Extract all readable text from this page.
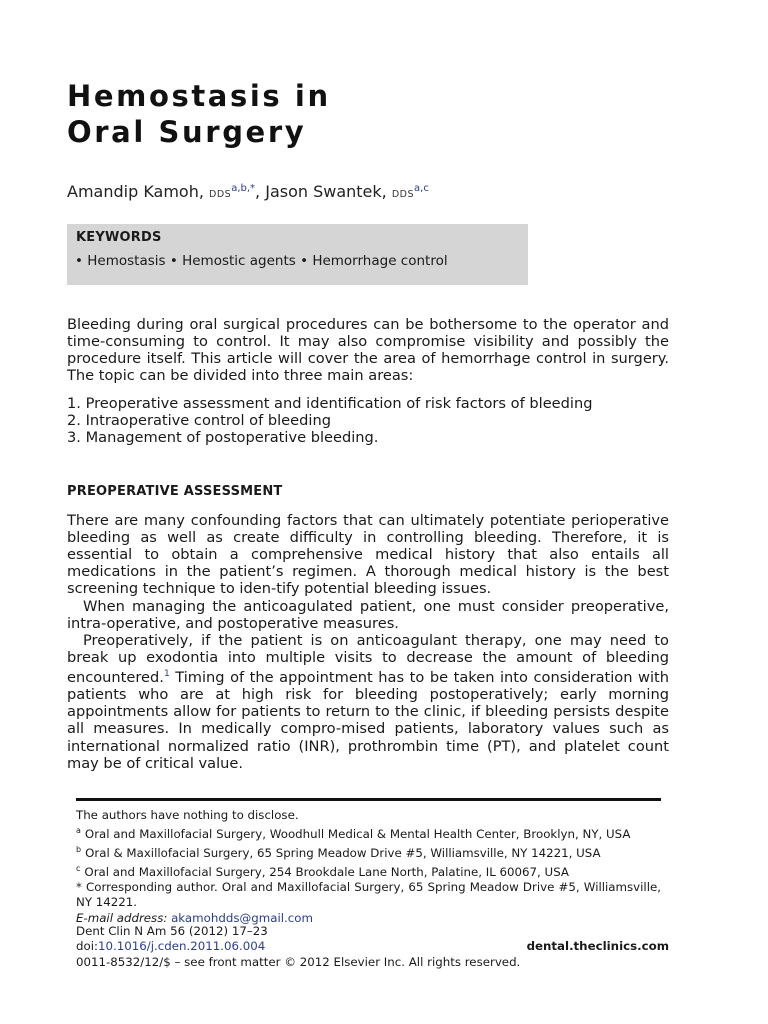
Hemostasis in
Oral Surgery
Amandip Kamoh, DDS$^{a,b,*}$, Jason Swantek, DDS$^{a,c}$
KEYWORDS
• Hemostasis • Hemostic agents • Hemorrhage control

Bleeding during oral surgical procedures can be bothersome to the operator and time-consuming to control. It may also compromise visibility and possibly the procedure itself. This article will cover the area of hemorrhage control in surgery. The topic can be divided into three main areas:

1. Preoperative assessment and identification of risk factors of bleeding
2. Intraoperative control of bleeding
3. Management of postoperative bleeding.
PREOPERATIVE ASSESSMENT

There are many confounding factors that can ultimately potentiate perioperative bleeding as well as create difficulty in controlling bleeding. Therefore, it is essential to obtain a comprehensive medical history that also entails all medications in the patient’s regimen. A thorough medical history is the best screening technique to iden-tify potential bleeding issues.

When managing the anticoagulated patient, one must consider preoperative, intra-operative, and postoperative measures.

Preoperatively, if the patient is on anticoagulant therapy, one may need to break up exodontia into multiple visits to decrease the amount of bleeding encountered.$^1$ Timing of the appointment has to be taken into consideration with patients who are at high risk for bleeding postoperatively; early morning appointments allow for patients to return to the clinic, if bleeding persists despite all measures. In medically compro-mised patients, laboratory values such as international normalized ratio (INR), prothrombin time (PT), and platelet count may be of critical value.

The authors have nothing to disclose.
$^a$ Oral and Maxillofacial Surgery, Woodhull Medical & Mental Health Center, Brooklyn, NY, USA
$^b$ Oral & Maxillofacial Surgery, 65 Spring Meadow Drive #5, Williamsville, NY 14221, USA
$^c$ Oral and Maxillofacial Surgery, 254 Brookdale Lane North, Palatine, IL 60067, USA
* Corresponding author. Oral and Maxillofacial Surgery, 65 Spring Meadow Drive #5, Williamsville, NY 14221.
E-mail address: akamohdds@gmail.com
Dent Clin N Am 56 (2012) 17–23
doi:10.1016/j.cden.2011.06.004
0011-8532/12/$ – see front matter © 2012 Elsevier Inc. All rights reserved.
dental.theclinics.com
